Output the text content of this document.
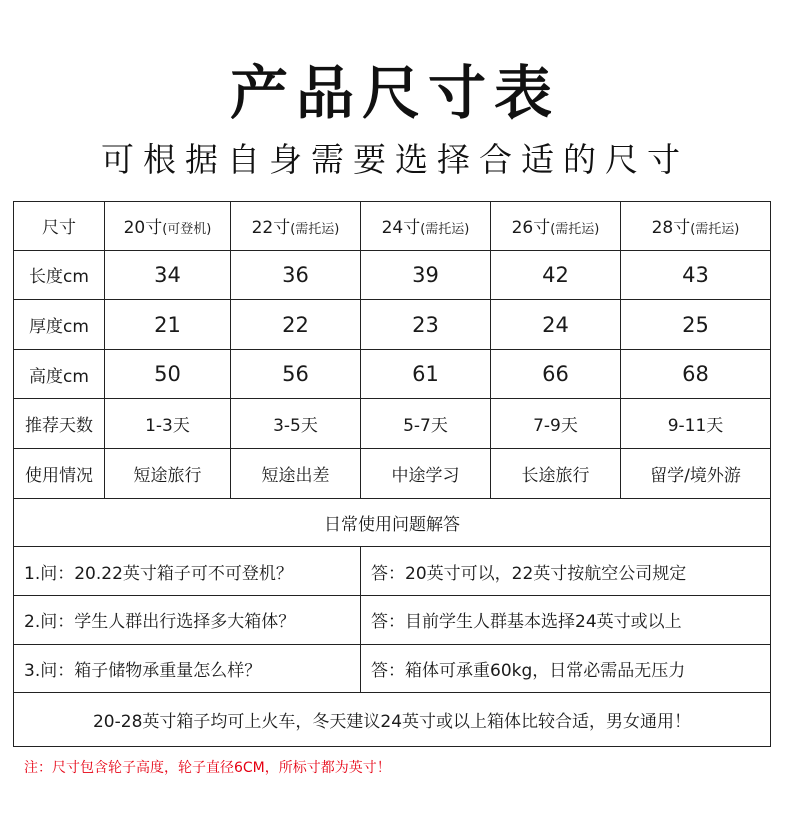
产品尺寸表
可根据自身需要选择合适的尺寸
尺寸	20寸(可登机)	22寸(需托运)	24寸(需托运)	26寸(需托运)	28寸(需托运)
长度cm	34	36	39	42	43
厚度cm	21	22	23	24	25
高度cm	50	56	61	66	68
推荐天数	1-3天	3-5天	5-7天	7-9天	9-11天
使用情况	短途旅行	短途出差	中途学习	长途旅行	留学/境外游
日常使用问题解答					
1.问：20.22英寸箱子可不可登机？			答：20英寸可以，22英寸按航空公司规定		
2.问：学生人群出行选择多大箱体？			答：目前学生人群基本选择24英寸或以上		
3.问：箱子储物承重量怎么样？			答：箱体可承重60kg，日常必需品无压力		
20-28英寸箱子均可上火车，冬天建议24英寸或以上箱体比较合适，男女通用！					
注：尺寸包含轮子高度，轮子直径6CM，所标寸都为英寸！
